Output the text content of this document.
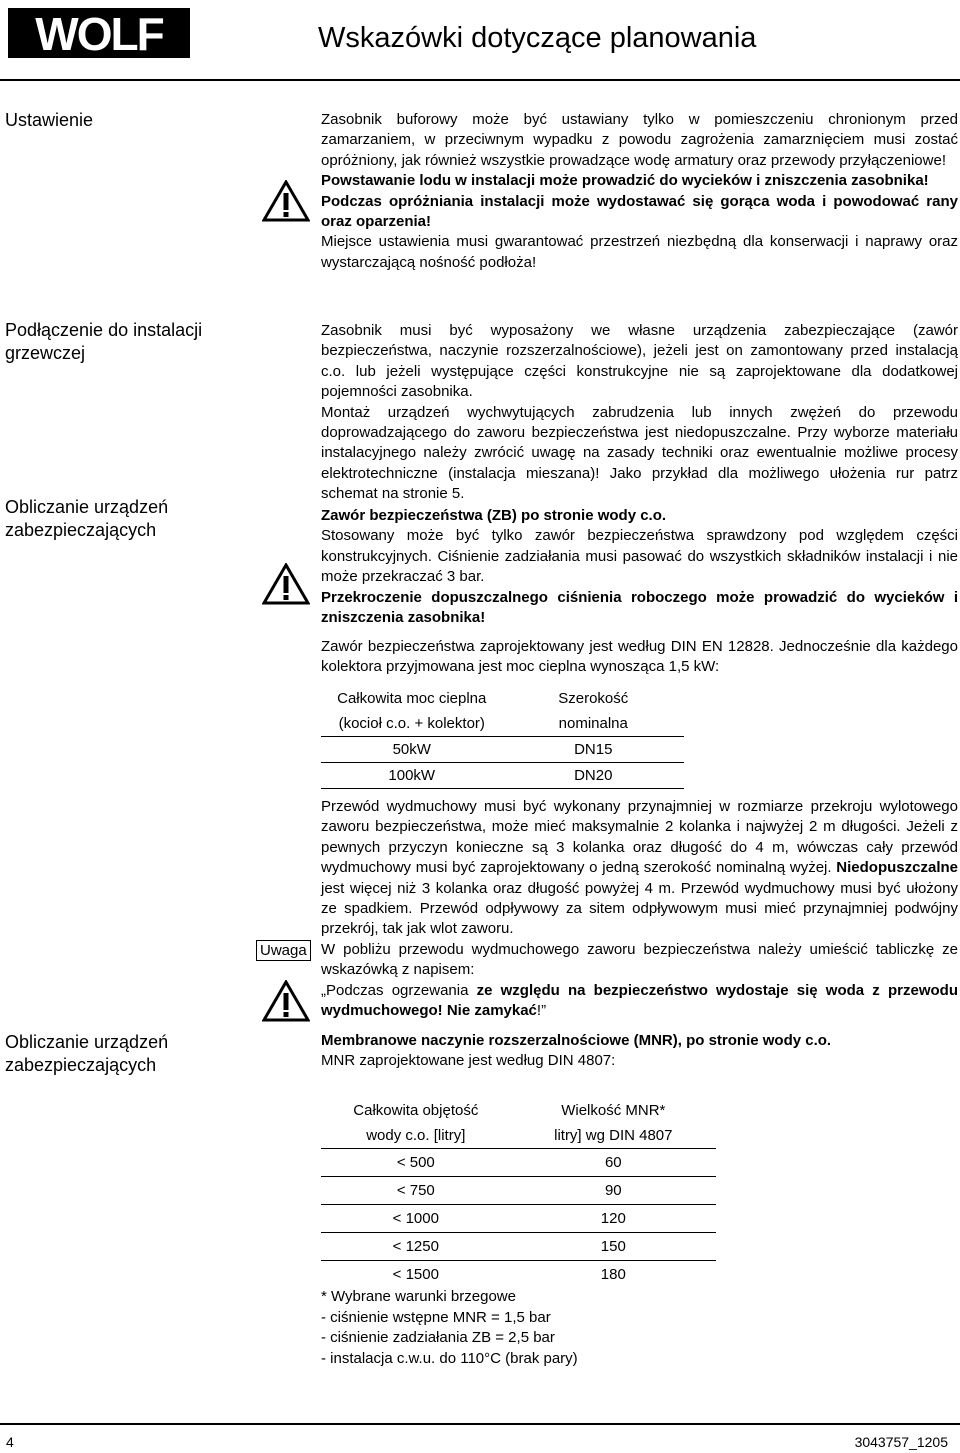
WOLF	Wskazówki dotyczące planowania

Ustawienie

Podłączenie do instalacji grzewczej

Obliczanie urządzeń zabezpieczających

Obliczanie urządzeń zabezpieczających

Uwaga

Zasobnik buforowy może być ustawiany tylko w pomieszczeniu chronionym przed zamarzaniem, w przeciwnym wypadku z powodu zagrożenia zamarznięciem musi zostać opróżniony, jak również wszystkie prowadzące wodę armatury oraz przewody przyłączeniowe!

Powstawanie lodu w instalacji może prowadzić do wycieków i zniszczenia zasobnika!

Podczas opróżniania instalacji może wydostawać się gorąca woda i powodować rany oraz oparzenia!

Miejsce ustawienia musi gwarantować przestrzeń niezbędną dla konserwacji i naprawy oraz wystarczającą nośność podłoża!

Zasobnik musi być wyposażony we własne urządzenia zabezpieczające (zawór bezpieczeństwa, naczynie rozszerzalnościowe), jeżeli jest on zamontowany przed instalacją c.o. lub jeżeli występujące części konstrukcyjne nie są zaprojektowane dla dodatkowej pojemności zasobnika.

Montaż urządzeń wychwytujących zabrudzenia lub innych zwężeń do przewodu doprowadzającego do zaworu bezpieczeństwa jest niedopuszczalne. Przy wyborze materiału instalacyjnego należy zwrócić uwagę na zasady techniki oraz ewentualnie możliwe procesy elektrotechniczne (instalacja mieszana)! Jako przykład dla możliwego ułożenia rur patrz schemat na stronie 5.

Zawór bezpieczeństwa (ZB) po stronie wody c.o.

Stosowany może być tylko zawór bezpieczeństwa sprawdzony pod względem części konstrukcyjnych. Ciśnienie zadziałania musi pasować do wszystkich składników instalacji i nie może przekraczać 3 bar.

Przekroczenie dopuszczalnego ciśnienia roboczego może prowadzić do wycieków i zniszczenia zasobnika!

Zawór bezpieczeństwa zaprojektowany jest według DIN EN 12828. Jednocześnie dla każdego kolektora przyjmowana jest moc cieplna wynosząca 1,5 kW:

Całkowita moc cieplna	Szerokość
(kocioł c.o. + kolektor)	nominalna
50kW	DN15
100kW	DN20

Przewód wydmuchowy musi być wykonany przynajmniej w rozmiarze przekroju wylotowego zaworu bezpieczeństwa, może mieć maksymalnie 2 kolanka i najwyżej 2 m długości. Jeżeli z pewnych przyczyn konieczne są 3 kolanka oraz długość do 4 m, wówczas cały przewód wydmuchowy musi być zaprojektowany o jedną szerokość nominalną wyżej. Niedopuszczalne jest więcej niż 3 kolanka oraz długość powyżej 4 m. Przewód wydmuchowy musi być ułożony ze spadkiem. Przewód odpływowy za sitem odpływowym musi mieć przynajmniej podwójny przekrój, tak jak wlot zaworu.

W pobliżu przewodu wydmuchowego zaworu bezpieczeństwa należy umieścić tabliczkę ze wskazówką z napisem:

„Podczas ogrzewania ze względu na bezpieczeństwo wydostaje się woda z przewodu wydmuchowego! Nie zamykać!”

Membranowe naczynie rozszerzalnościowe (MNR), po stronie wody c.o.

MNR zaprojektowane jest według DIN 4807:

Całkowita objętość	Wielkość MNR*
wody c.o. [litry]	litry] wg DIN 4807
< 500	60
< 750	90
< 1000	120
< 1250	150
< 1500	180
* Wybrane warunki brzegowe
- ciśnienie wstępne MNR = 1,5 bar
- ciśnienie zadziałania ZB = 2,5 bar
- instalacja c.w.u. do 110°C (brak pary)
4	3043757_1205
